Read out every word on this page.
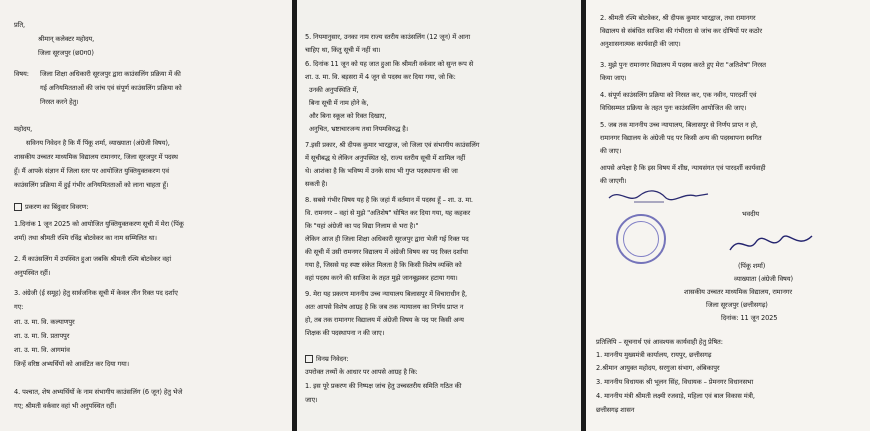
प्रति,
श्रीमान् कलेक्टर महोदय,
जिला सूरजपुर (छ0ग0)
विषय: जिला शिक्षा अधिकारी सूरजपुर द्वारा काउंसलिंग प्रक्रिया में की
गई अनियमितताओं की जांच एवं संपूर्ण काउंसलिंग प्रक्रिया को
निरस्त करने हेतु।
महोदय,
सविनय निवेदन है कि मैं पिंकू शर्मा, व्याख्याता (अंग्रेजी विषय),
शासकीय उच्चतर माध्यमिक विद्यालय रामानगर, जिला सूरजपुर में पदस्थ
हूँ। मैं आपके संज्ञान में जिला स्तर पर आयोजित युक्तियुक्तकरण एवं
काउंसलिंग प्रक्रिया में हुई गंभीर अनियमितताओं को लाना चाहता हूँ।
प्रकरण का बिंदुवार विवरण:
1.दिनांक 1 जून 2025 को आयोजित युक्तियुक्तकरण सूची में मेरा (पिंकू
शर्मा) तथा श्रीमती रश्मि रविंद्र बोटवेकर का नाम सम्मिलित था।
2. मैं काउंसलिंग में उपस्थित हुआ जबकि श्रीमती रश्मि बोटवेकर वहां
अनुपस्थित रहीं।
3. अंग्रेजी (ई समूह) हेतु सार्वजनिक सूची में केवल तीन रिक्त पद दर्शाए
गए:
शा. उ. मा. वि. कल्याणपुर
शा. उ. मा. वि. प्रतापपुर
शा. उ. मा. वि. आगमांव
जिन्हें वरिष्ठ अभ्यर्थियों को आवंटित कर दिया गया।
4. पश्चात, शेष अभ्यर्थियों के नाम संभागीय काउंसलिंग (6 जून) हेतु भेजे
गए; श्रीमती वर्कवार वहां भी अनुपस्थित रहीं।
5. नियमानुसार, उनका नाम राज्य स्तरीय काउंसलिंग (12 जून) में आना
चाहिए था, किंतु सूची में नहीं था।
6. दिनांक 11 जून को यह जात हुआ कि श्रीमती वर्कवार को सुन्त रूप से
शा. उ. मा. वि. बड़सरा में 4 जून से पदस्थ कर दिया गया, जो कि:
उनकी अनुपस्थिति में,
बिना सूची में नाम होने के,
और बिना स्कूल को रिक्त दिखाए,
अनुचित, भ्रष्टाचारजन्य तथा नियमविरुद्ध है।
7.इसी प्रकार, श्री दीपक कुमार भारद्वाज, जो जिला एवं संभागीय काउंसलिंग
में सूचीबद्ध थे लेकिन अनुपस्थित रहे, राज्य स्तरीय सूची में शामिल नहीं
थे। आशंका है कि भविष्य में उनके साथ भी गुप्त पदस्थापना की जा
सकती है।
8. सबसे गंभीर विषय यह है कि जहां मैं वर्तमान में पदस्थ हूँ – शा. उ. मा.
वि. रामनगर – वहां से मुझे "अतिशेष" घोषित कर दिया गया, यह कहकर
कि "यहां अंग्रेजी का पद विद्या निलाम से भरा है।"
लेकिन आज ही जिला शिक्षा अधिकारी सूरजपुर द्वारा भेजी गई रिक्त पद
की सूची में उसी रामनगर विद्यालय में अंग्रेजी विषय का पद रिक्त दर्शाया
गया है, जिससे यह स्पष्ट संकेत मिलता है कि किसी विशेष व्यक्ति को
वहां पदस्थ करने की साजिश के तहत मुझे जानबूझकर हटाया गया।
9. मेरा यह प्रकरण माननीय उच्च न्यायालय बिलासपुर में विचाराधीन है,
अतः आपसे विशेष आग्रह है कि जब तक न्यायालय का निर्णय प्राप्त न
हो, तब तक रामानगर विद्यालय में अंग्रेजी विषय के पद पर किसी अन्य
शिक्षक की पदस्थापना न की जाए।
विनम्र निवेदन:
उपरोक्त तथ्यों के आधार पर आपसे आग्रह है कि:
1. इस पूरे प्रकरण की निष्पक्ष जांच हेतु उच्चस्तरीय समिति गठित की
जाए।
2. श्रीमती रश्मि बोटवेकर, श्री दीपक कुमार भारद्वाज, तथा रामानगर
विद्यालय से संबंधित साजिश की गंभीरता से जांच कर दोषियों पर कठोर
अनुशासनात्मक कार्यवाही की जाए।
3. मुझे पुनः रामानगर विद्यालय में पदस्थ करते हुए मेरा "अतिशेष" निरस्त
किया जाए।
4. संपूर्ण काउंसलिंग प्रक्रिया को निरस्त कर, एक नवीन, पारदर्शी एवं
विधिसम्मत प्रक्रिया के तहत पुनः काउंसलिंग आयोजित की जाए।
5. जब तक माननीय उच्च न्यायालय, बिलासपुर से निर्णय प्राप्त न हो,
रामानगर विद्यालय के अंग्रेजी पद पर किसी अन्य की पदस्थापना स्थगित
की जाए।
आपसे अपेक्षा है कि इस विषय में शीघ्र, न्यायसंगत एवं पारदर्शी कार्यवाही
की जाएगी।
भवदीय
(पिंकू शर्मा)
व्याख्याता (अंग्रेजी विषय)
शासकीय उच्चतर माध्यमिक विद्यालय, रामानगर
जिला सूरजपुर (छत्तीसगढ़)
दिनांक: 11 जून 2025
प्रतिलिपि – सूचनार्थ एवं आवश्यक कार्यवाही हेतु प्रेषित:
1. माननीय मुख्यमंत्री कार्यालय, रायपुर, छत्तीसगढ़
2.श्रीमान आयुक्त महोदय, सरगुजा संभाग, अंबिकापुर
3. माननीय विधायक श्री भूलन सिंह, विधायक – प्रेमनगर विधानसभा
4. माननीय मंत्री श्रीमती लक्ष्मी रजवाड़े, महिला एवं बाल विकास मंत्री,
छत्तीसगढ़ शासन
